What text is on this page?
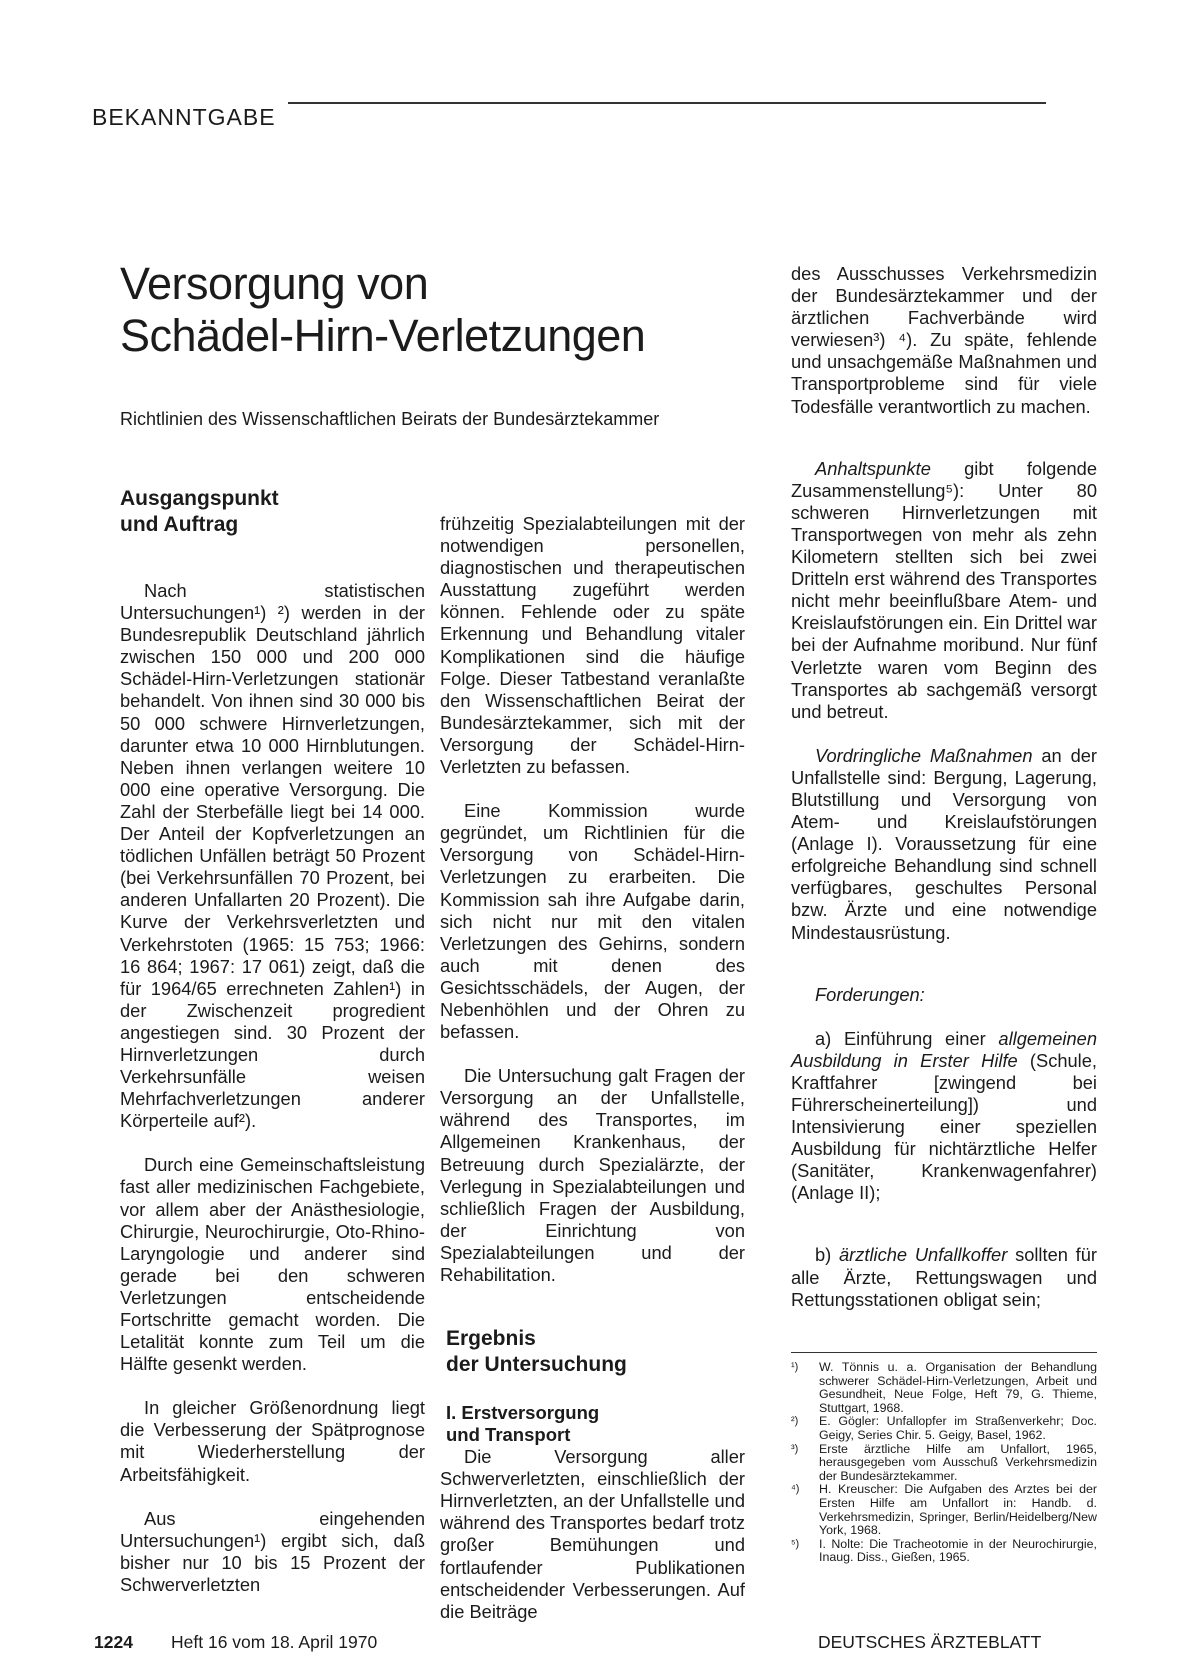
BEKANNTGABE
Versorgung von
Schädel-Hirn-Verletzungen
Richtlinien des Wissenschaftlichen Beirats der Bundesärztekammer
Ausgangspunkt
und Auftrag

Nach statistischen Untersuchungen¹) ²) werden in der Bundesrepublik Deutschland jährlich zwischen 150 000 und 200 000 Schädel-Hirn-Verletzungen stationär behandelt. Von ihnen sind 30 000 bis 50 000 schwere Hirnverletzungen, darunter etwa 10 000 Hirnblutungen. Neben ihnen verlangen weitere 10 000 eine operative Versorgung. Die Zahl der Sterbefälle liegt bei 14 000. Der Anteil der Kopfverletzungen an tödlichen Unfällen beträgt 50 Prozent (bei Verkehrsunfällen 70 Prozent, bei anderen Unfallarten 20 Prozent). Die Kurve der Verkehrsverletzten und Verkehrstoten (1965: 15 753; 1966: 16 864; 1967: 17 061) zeigt, daß die für 1964/65 errechneten Zahlen¹) in der Zwischenzeit progredient angestiegen sind. 30 Prozent der Hirnverletzungen durch Verkehrsunfälle weisen Mehrfachverletzungen anderer Körperteile auf²).

Durch eine Gemeinschaftsleistung fast aller medizinischen Fachgebiete, vor allem aber der Anästhesiologie, Chirurgie, Neurochirurgie, Oto-Rhino-Laryngologie und anderer sind gerade bei den schweren Verletzungen entscheidende Fortschritte gemacht worden. Die Letalität konnte zum Teil um die Hälfte gesenkt werden.

In gleicher Größenordnung liegt die Verbesserung der Spätprognose mit Wiederherstellung der Arbeitsfähigkeit.

Aus eingehenden Untersuchungen¹) ergibt sich, daß bisher nur 10 bis 15 Prozent der Schwerverletzten

frühzeitig Spezialabteilungen mit der notwendigen personellen, diagnostischen und therapeutischen Ausstattung zugeführt werden können. Fehlende oder zu späte Erkennung und Behandlung vitaler Komplikationen sind die häufige Folge. Dieser Tatbestand veranlaßte den Wissenschaftlichen Beirat der Bundesärztekammer, sich mit der Versorgung der Schädel-Hirn-Verletzten zu befassen.

Eine Kommission wurde gegründet, um Richtlinien für die Versorgung von Schädel-Hirn-Verletzungen zu erarbeiten. Die Kommission sah ihre Aufgabe darin, sich nicht nur mit den vitalen Verletzungen des Gehirns, sondern auch mit denen des Gesichtsschädels, der Augen, der Nebenhöhlen und der Ohren zu befassen.

Die Untersuchung galt Fragen der Versorgung an der Unfallstelle, während des Transportes, im Allgemeinen Krankenhaus, der Betreuung durch Spezialärzte, der Verlegung in Spezialabteilungen und schließlich Fragen der Ausbildung, der Einrichtung von Spezialabteilungen und der Rehabilitation.

Ergebnis
der Untersuchung
I. Erstversorgung
und Transport

Die Versorgung aller Schwerverletzten, einschließlich der Hirnverletzten, an der Unfallstelle und während des Transportes bedarf trotz großer Bemühungen und fortlaufender Publikationen entscheidender Verbesserungen. Auf die Beiträge

des Ausschusses Verkehrsmedizin der Bundesärztekammer und der ärztlichen Fachverbände wird verwiesen³) ⁴). Zu späte, fehlende und unsachgemäße Maßnahmen und Transportprobleme sind für viele Todesfälle verantwortlich zu machen.

Anhaltspunkte gibt folgende Zusammenstellung⁵): Unter 80 schweren Hirnverletzungen mit Transportwegen von mehr als zehn Kilometern stellten sich bei zwei Dritteln erst während des Transportes nicht mehr beeinflußbare Atem- und Kreislaufstörungen ein. Ein Drittel war bei der Aufnahme moribund. Nur fünf Verletzte waren vom Beginn des Transportes ab sachgemäß versorgt und betreut.

Vordringliche Maßnahmen an der Unfallstelle sind: Bergung, Lagerung, Blutstillung und Versorgung von Atem- und Kreislaufstörungen (Anlage I). Voraussetzung für eine erfolgreiche Behandlung sind schnell verfügbares, geschultes Personal bzw. Ärzte und eine notwendige Mindestausrüstung.

Forderungen:

a) Einführung einer allgemeinen Ausbildung in Erster Hilfe (Schule, Kraftfahrer [zwingend bei Führerscheinerteilung]) und Intensivierung einer speziellen Ausbildung für nichtärztliche Helfer (Sanitäter, Krankenwagenfahrer) (Anlage II);

b) ärztliche Unfallkoffer sollten für alle Ärzte, Rettungswagen und Rettungsstationen obligat sein;

¹)	W. Tönnis u. a. Organisation der Behandlung schwerer Schädel-Hirn-Verletzungen, Arbeit und Gesundheit, Neue Folge, Heft 79, G. Thieme, Stuttgart, 1968.
²)	E. Gögler: Unfallopfer im Straßenverkehr; Doc. Geigy, Series Chir. 5. Geigy, Basel, 1962.
³)	Erste ärztliche Hilfe am Unfallort, 1965, herausgegeben vom Ausschuß Verkehrsmedizin der Bundesärztekammer.
⁴)	H. Kreuscher: Die Aufgaben des Arztes bei der Ersten Hilfe am Unfallort in: Handb. d. Verkehrsmedizin, Springer, Berlin/Heidelberg/New York, 1968.
⁵)	I. Nolte: Die Tracheotomie in der Neurochirurgie, Inaug. Diss., Gießen, 1965.
1224 Heft 16 vom 18. April 1970	DEUTSCHES ÄRZTEBLATT
